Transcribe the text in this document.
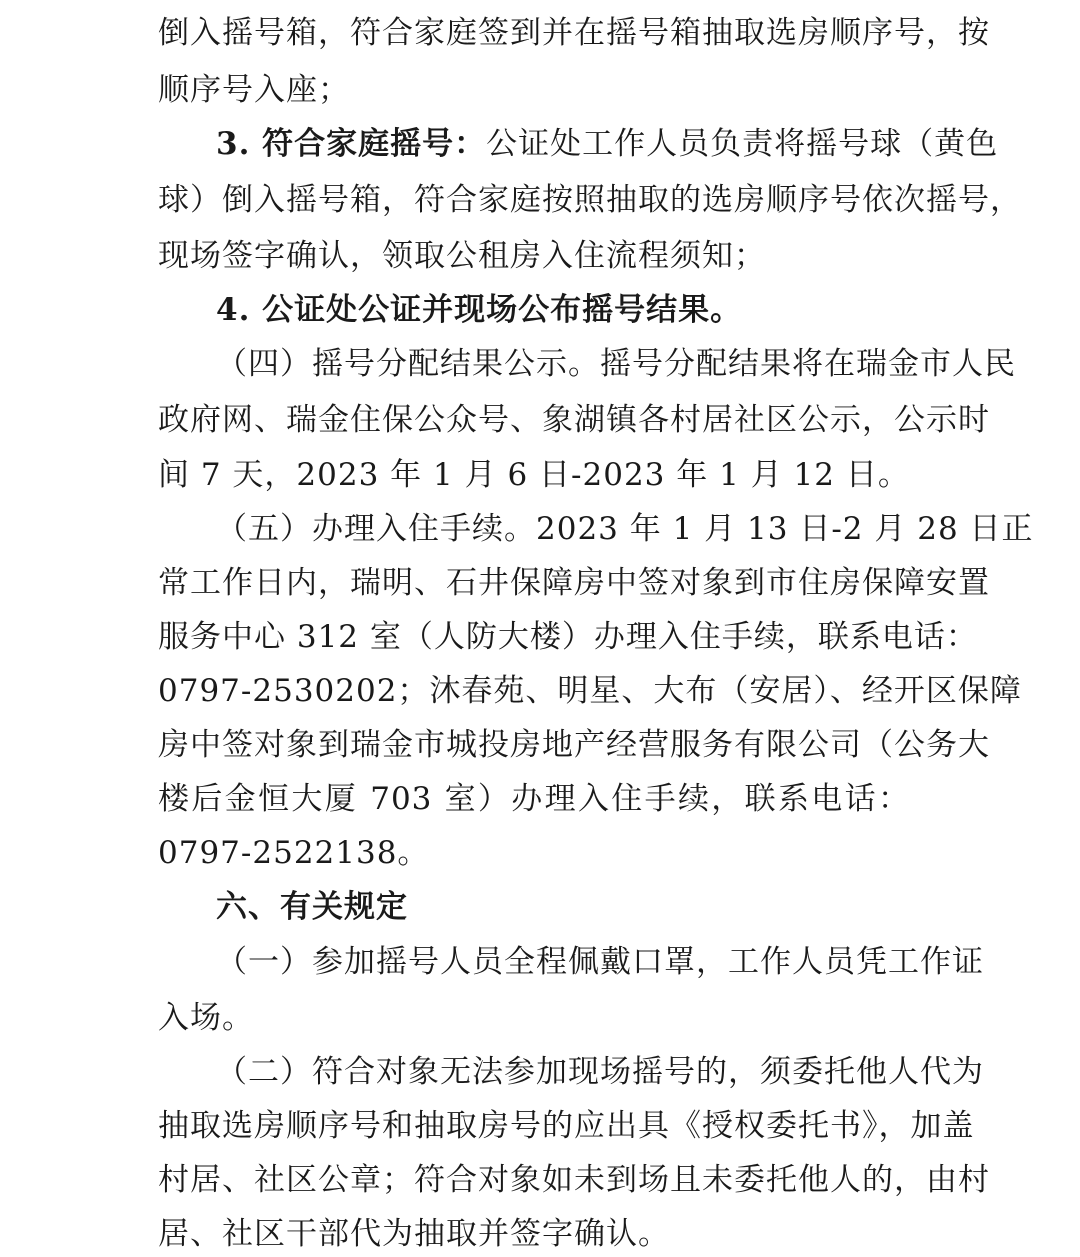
倒入摇号箱，符合家庭签到并在摇号箱抽取选房顺序号，按
顺序号入座；
3. 符合家庭摇号：公证处工作人员负责将摇号球（黄色
球）倒入摇号箱，符合家庭按照抽取的选房顺序号依次摇号，
现场签字确认，领取公租房入住流程须知；
4. 公证处公证并现场公布摇号结果。
（四）摇号分配结果公示。摇号分配结果将在瑞金市人民
政府网、瑞金住保公众号、象湖镇各村居社区公示，公示时
间 7 天，2023 年 1 月 6 日-2023 年 1 月 12 日。
（五）办理入住手续。2023 年 1 月 13 日-2 月 28 日正
常工作日内，瑞明、石井保障房中签对象到市住房保障安置
服务中心 312 室（人防大楼）办理入住手续，联系电话：
0797-2530202；沐春苑、明星、大布（安居）、经开区保障
房中签对象到瑞金市城投房地产经营服务有限公司（公务大
楼后金恒大厦 703 室）办理入住手续，联系电话：
0797-2522138。
六、有关规定
（一）参加摇号人员全程佩戴口罩，工作人员凭工作证
入场。
（二）符合对象无法参加现场摇号的，须委托他人代为
抽取选房顺序号和抽取房号的应出具《授权委托书》，加盖
村居、社区公章；符合对象如未到场且未委托他人的，由村
居、社区干部代为抽取并签字确认。
